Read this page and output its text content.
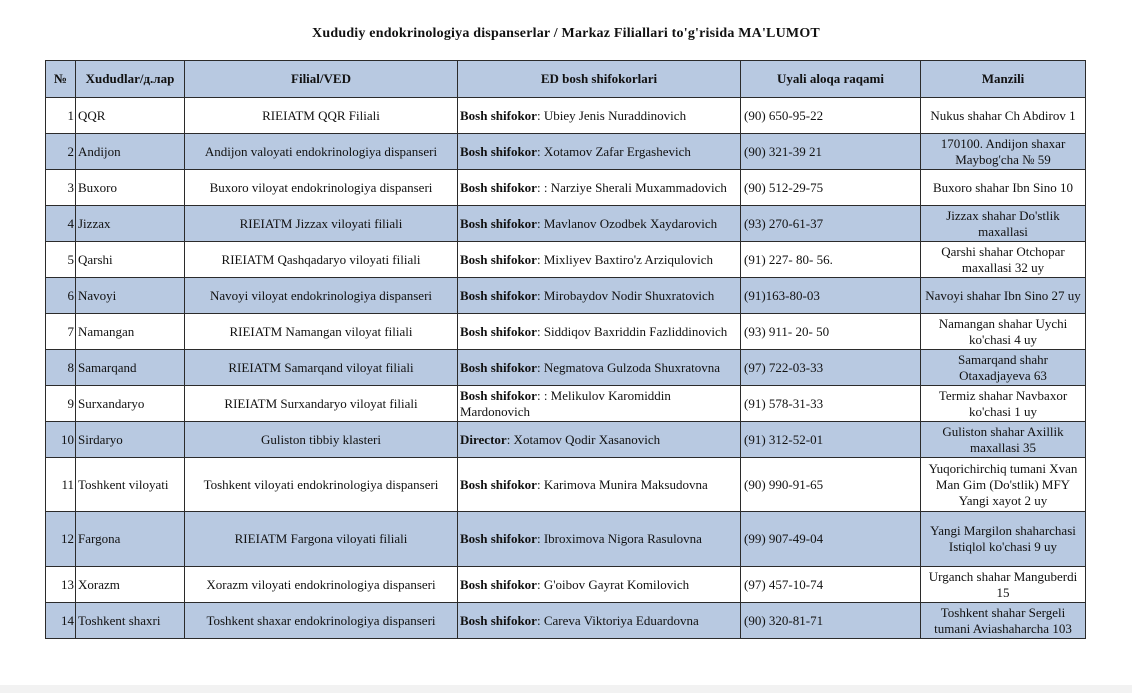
Xududiy endokrinologiya dispanserlar / Markaz Filiallari to'g'risida MA'LUMOT
№	Xududlar/д.лар	Filial/VED	ED bosh shifokorlari	Uyali aloqa raqami	Manzili
1	QQR	RIEIATM QQR Filiali	Bosh shifokor: Ubiey Jenis Nuraddinovich	(90) 650-95-22	Nukus shahar Ch Abdirov 1
2	Andijon	Andijon valoyati endokrinologiya dispanseri	Bosh shifokor: Xotamov Zafar Ergashevich	(90) 321-39 21	170100. Andijon shaxar Maybog'cha № 59
3	Buxoro	Buxoro viloyat endokrinologiya dispanseri	Bosh shifokor: : Narziye Sherali Muxammadovich	(90) 512-29-75	Buxoro shahar Ibn Sino 10
4	Jizzax	RIEIATM Jizzax viloyati filiali	Bosh shifokor: Mavlanov Ozodbek Xaydarovich	(93) 270-61-37	Jizzax shahar Do'stlik maxallasi
5	Qarshi	RIEIATM Qashqadaryo viloyati filiali	Bosh shifokor: Mixliyev Baxtiro'z Arziqulovich	(91) 227- 80- 56.	Qarshi shahar Otchopar maxallasi 32 uy
6	Navoyi	Navoyi viloyat endokrinologiya dispanseri	Bosh shifokor: Mirobaydov Nodir Shuxratovich	(91)163-80-03	Navoyi shahar Ibn Sino 27 uy
7	Namangan	RIEIATM Namangan viloyat filiali	Bosh shifokor: Siddiqov Baxriddin Fazliddinovich	(93) 911- 20- 50	Namangan shahar Uychi ko'chasi 4 uy
8	Samarqand	RIEIATM Samarqand viloyat filiali	Bosh shifokor: Negmatova Gulzoda Shuxratovna	(97) 722-03-33	Samarqand shahr Otaxadjayeva 63
9	Surxandaryo	RIEIATM Surxandaryo viloyat filiali	Bosh shifokor: : Melikulov Karomiddin Mardonovich	(91) 578-31-33	Termiz shahar Navbaxor ko'chasi 1 uy
10	Sirdaryo	Guliston tibbiy klasteri	Director: Xotamov Qodir Xasanovich	(91) 312-52-01	Guliston shahar Axillik maxallasi 35
11	Toshkent viloyati	Toshkent viloyati endokrinologiya dispanseri	Bosh shifokor: Karimova Munira Maksudovna	(90) 990-91-65	Yuqorichirchiq tumani Xvan Man Gim (Do'stlik) MFY Yangi xayot 2 uy
12	Fargona	RIEIATM Fargona viloyati filiali	Bosh shifokor: Ibroximova Nigora Rasulovna	(99) 907-49-04	Yangi Margilon shaharchasi Istiqlol ko'chasi 9 uy
13	Xorazm	Xorazm viloyati endokrinologiya dispanseri	Bosh shifokor: G'oibov Gayrat Komilovich	(97) 457-10-74	Urganch shahar Manguberdi 15
14	Toshkent shaxri	Toshkent shaxar endokrinologiya dispanseri	Bosh shifokor: Careva Viktoriya Eduardovna	(90) 320-81-71	Toshkent shahar Sergeli tumani Aviashaharcha 103
